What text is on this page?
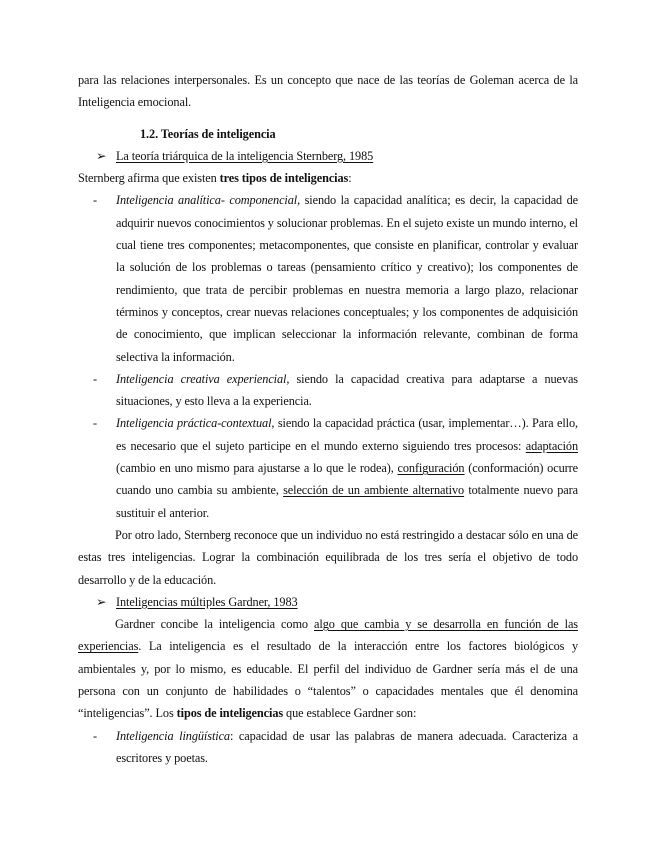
para las relaciones interpersonales. Es un concepto que nace de las teorías de Goleman acerca de la Inteligencia emocional.

1.2. Teorías de inteligencia
➢ La teoría triárquica de la inteligencia Sternberg, 1985

Sternberg afirma que existen tres tipos de inteligencias:

- Inteligencia analítica- componencial, siendo la capacidad analítica; es decir, la capacidad de adquirir nuevos conocimientos y solucionar problemas. En el sujeto existe un mundo interno, el cual tiene tres componentes; metacomponentes, que consiste en planificar, controlar y evaluar la solución de los problemas o tareas (pensamiento crítico y creativo); los componentes de rendimiento, que trata de percibir problemas en nuestra memoria a largo plazo, relacionar términos y conceptos, crear nuevas relaciones conceptuales; y los componentes de adquisición de conocimiento, que implican seleccionar la información relevante, combinan de forma selectiva la información.
- Inteligencia creativa experiencial, siendo la capacidad creativa para adaptarse a nuevas situaciones, y esto lleva a la experiencia.
- Inteligencia práctica-contextual, siendo la capacidad práctica (usar, implementar…). Para ello, es necesario que el sujeto participe en el mundo externo siguiendo tres procesos: adaptación (cambio en uno mismo para ajustarse a lo que le rodea), configuración (conformación) ocurre cuando uno cambia su ambiente, selección de un ambiente alternativo totalmente nuevo para sustituir el anterior.

Por otro lado, Sternberg reconoce que un individuo no está restringido a destacar sólo en una de estas tres inteligencias. Lograr la combinación equilibrada de los tres sería el objetivo de todo desarrollo y de la educación.

➢ Inteligencias múltiples Gardner, 1983

Gardner concibe la inteligencia como algo que cambia y se desarrolla en función de las experiencias. La inteligencia es el resultado de la interacción entre los factores biológicos y ambientales y, por lo mismo, es educable. El perfil del individuo de Gardner sería más el de una persona con un conjunto de habilidades o “talentos” o capacidades mentales que él denomina “inteligencias”. Los tipos de inteligencias que establece Gardner son:

- Inteligencia lingüística: capacidad de usar las palabras de manera adecuada. Caracteriza a escritores y poetas.
